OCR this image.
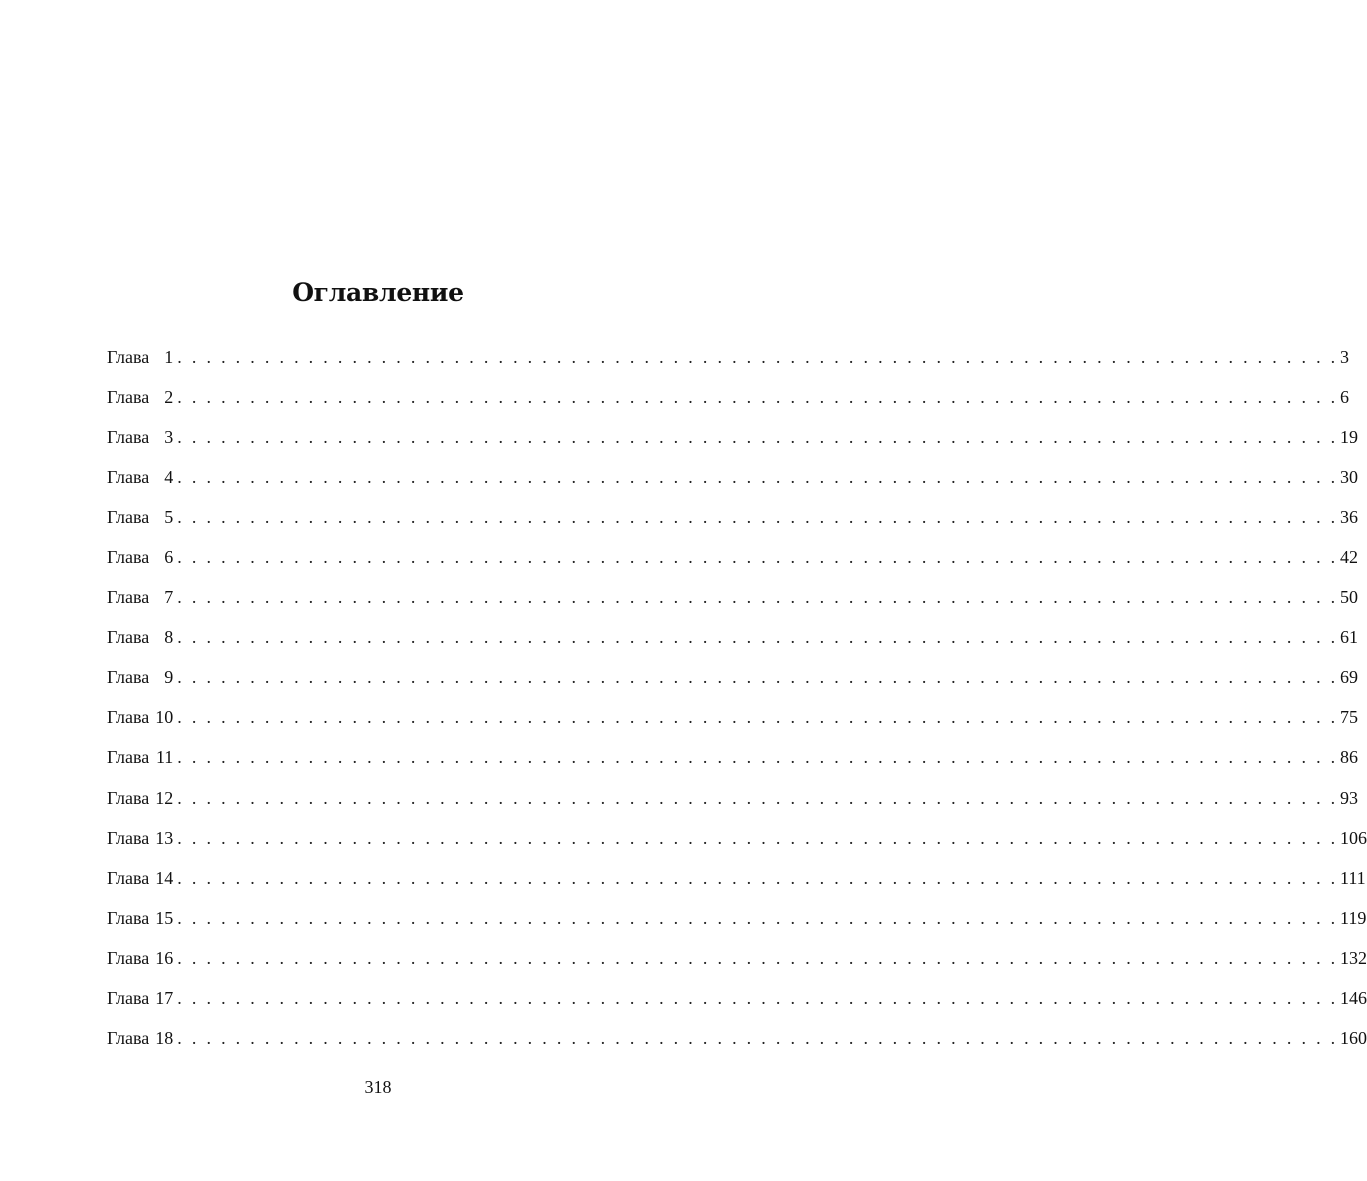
Оглавление
Глава 1 . . . . . . . . . . . . . . . . . . . . . . . . . . . . . . . . . . . . . . . . . . . . . . . . . . . . . . . . . . . . . . . . . . . . . . . . . . . . . . . . 3
Глава 2 . . . . . . . . . . . . . . . . . . . . . . . . . . . . . . . . . . . . . . . . . . . . . . . . . . . . . . . . . . . . . . . . . . . . . . . . . . . . . . . . 6
Глава 3 . . . . . . . . . . . . . . . . . . . . . . . . . . . . . . . . . . . . . . . . . . . . . . . . . . . . . . . . . . . . . . . . . . . . . . . . . . . . . . . . 19
Глава 4 . . . . . . . . . . . . . . . . . . . . . . . . . . . . . . . . . . . . . . . . . . . . . . . . . . . . . . . . . . . . . . . . . . . . . . . . . . . . . . . . 30
Глава 5 . . . . . . . . . . . . . . . . . . . . . . . . . . . . . . . . . . . . . . . . . . . . . . . . . . . . . . . . . . . . . . . . . . . . . . . . . . . . . . . . 36
Глава 6 . . . . . . . . . . . . . . . . . . . . . . . . . . . . . . . . . . . . . . . . . . . . . . . . . . . . . . . . . . . . . . . . . . . . . . . . . . . . . . . . 42
Глава 7 . . . . . . . . . . . . . . . . . . . . . . . . . . . . . . . . . . . . . . . . . . . . . . . . . . . . . . . . . . . . . . . . . . . . . . . . . . . . . . . . 50
Глава 8 . . . . . . . . . . . . . . . . . . . . . . . . . . . . . . . . . . . . . . . . . . . . . . . . . . . . . . . . . . . . . . . . . . . . . . . . . . . . . . . . 61
Глава 9 . . . . . . . . . . . . . . . . . . . . . . . . . . . . . . . . . . . . . . . . . . . . . . . . . . . . . . . . . . . . . . . . . . . . . . . . . . . . . . . . 69
Глава 10 . . . . . . . . . . . . . . . . . . . . . . . . . . . . . . . . . . . . . . . . . . . . . . . . . . . . . . . . . . . . . . . . . . . . . . . . . . . . . . . . 75
Глава 11 . . . . . . . . . . . . . . . . . . . . . . . . . . . . . . . . . . . . . . . . . . . . . . . . . . . . . . . . . . . . . . . . . . . . . . . . . . . . . . . . 86
Глава 12 . . . . . . . . . . . . . . . . . . . . . . . . . . . . . . . . . . . . . . . . . . . . . . . . . . . . . . . . . . . . . . . . . . . . . . . . . . . . . . . . 93
Глава 13 . . . . . . . . . . . . . . . . . . . . . . . . . . . . . . . . . . . . . . . . . . . . . . . . . . . . . . . . . . . . . . . . . . . . . . . . . . . . . . . . 106
Глава 14 . . . . . . . . . . . . . . . . . . . . . . . . . . . . . . . . . . . . . . . . . . . . . . . . . . . . . . . . . . . . . . . . . . . . . . . . . . . . . . . . 111
Глава 15 . . . . . . . . . . . . . . . . . . . . . . . . . . . . . . . . . . . . . . . . . . . . . . . . . . . . . . . . . . . . . . . . . . . . . . . . . . . . . . . . 119
Глава 16 . . . . . . . . . . . . . . . . . . . . . . . . . . . . . . . . . . . . . . . . . . . . . . . . . . . . . . . . . . . . . . . . . . . . . . . . . . . . . . . . 132
Глава 17 . . . . . . . . . . . . . . . . . . . . . . . . . . . . . . . . . . . . . . . . . . . . . . . . . . . . . . . . . . . . . . . . . . . . . . . . . . . . . . . . 146
Глава 18 . . . . . . . . . . . . . . . . . . . . . . . . . . . . . . . . . . . . . . . . . . . . . . . . . . . . . . . . . . . . . . . . . . . . . . . . . . . . . . . . 160

318
